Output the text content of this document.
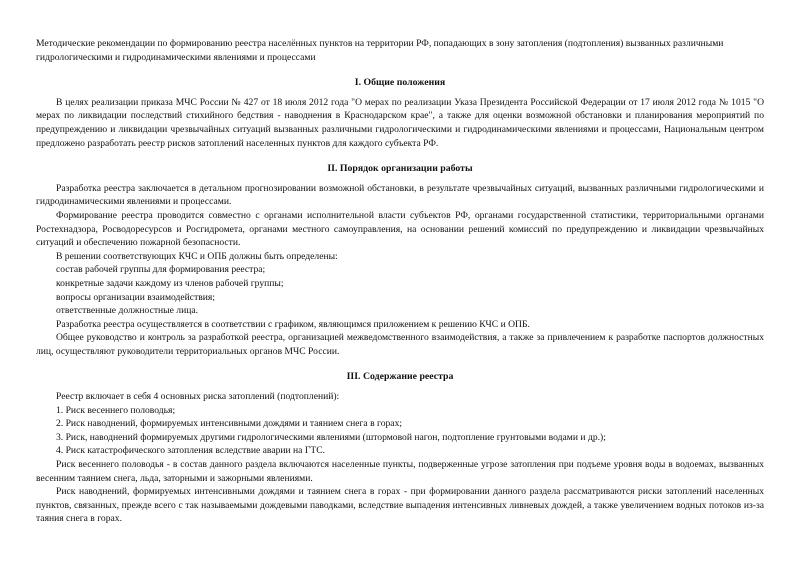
Методические рекомендации по формированию реестра населённых пунктов на территории РФ, попадающих в зону затопления (подтопления) вызванных различными гидрологическими и гидродинамическими явлениями и процессами

I. Общие положения

В целях реализации приказа МЧС России № 427 от 18 июля 2012 года "О мерах по реализации Указа Президента Российской Федерации от 17 июля 2012 года № 1015 "О мерах по ликвидации последствий стихийного бедствия - наводнения в Краснодарском крае", а также для оценки возможной обстановки и планирования мероприятий по предупреждению и ликвидации чрезвычайных ситуаций вызванных различными гидрологическими и гидродинамическими явлениями и процессами, Национальным центром предложено разработать реестр рисков затоплений населенных пунктов для каждого субъекта РФ.

II. Порядок организации работы

Разработка реестра заключается в детальном прогнозировании возможной обстановки, в результате чрезвычайных ситуаций, вызванных различными гидрологическими и гидродинамическими явлениями и процессами.

Формирование реестра проводится совместно с органами исполнительной власти субъектов РФ, органами государственной статистики, территориальными органами Ростехнадзора, Росводоресурсов и Росгидромета, органами местного самоуправления, на основании решений комиссий по предупреждению и ликвидации чрезвычайных ситуаций и обеспечению пожарной безопасности.

В решении соответствующих КЧС и ОПБ должны быть определены:

состав рабочей группы для формирования реестра;

конкретные задачи каждому из членов рабочей группы;

вопросы организации взаимодействия;

ответственные должностные лица.

Разработка реестра осуществляется в соответствии с графиком, являющимся приложением к решению КЧС и ОПБ.

Общее руководство и контроль за разработкой реестра, организацией межведомственного взаимодействия, а также за привлечением к разработке паспортов должностных лиц, осуществляют руководители территориальных органов МЧС России.

III. Содержание реестра

Реестр включает в себя 4 основных риска затоплений (подтоплений):

1. Риск весеннего половодья;

2. Риск наводнений, формируемых интенсивными дождями и таянием снега в горах;

3. Риск, наводнений формируемых другими гидрологическими явлениями (штормовой нагон, подтопление грунтовыми водами и др.);

4. Риск катастрофического затопления вследствие аварии на ГТС.

Риск весеннего половодья - в состав данного раздела включаются населенные пункты, подверженные угрозе затопления при подъеме уровня воды в водоемах, вызванных весенним таянием снега, льда, заторными и зажорными явлениями.

Риск наводнений, формируемых интенсивными дождями и таянием снега в горах - при формировании данного раздела рассматриваются риски затоплений населенных пунктов, связанных, прежде всего с так называемыми дождевыми паводками, вследствие выпадения интенсивных ливневых дождей, а также увеличением водных потоков из-за таяния снега в горах.
